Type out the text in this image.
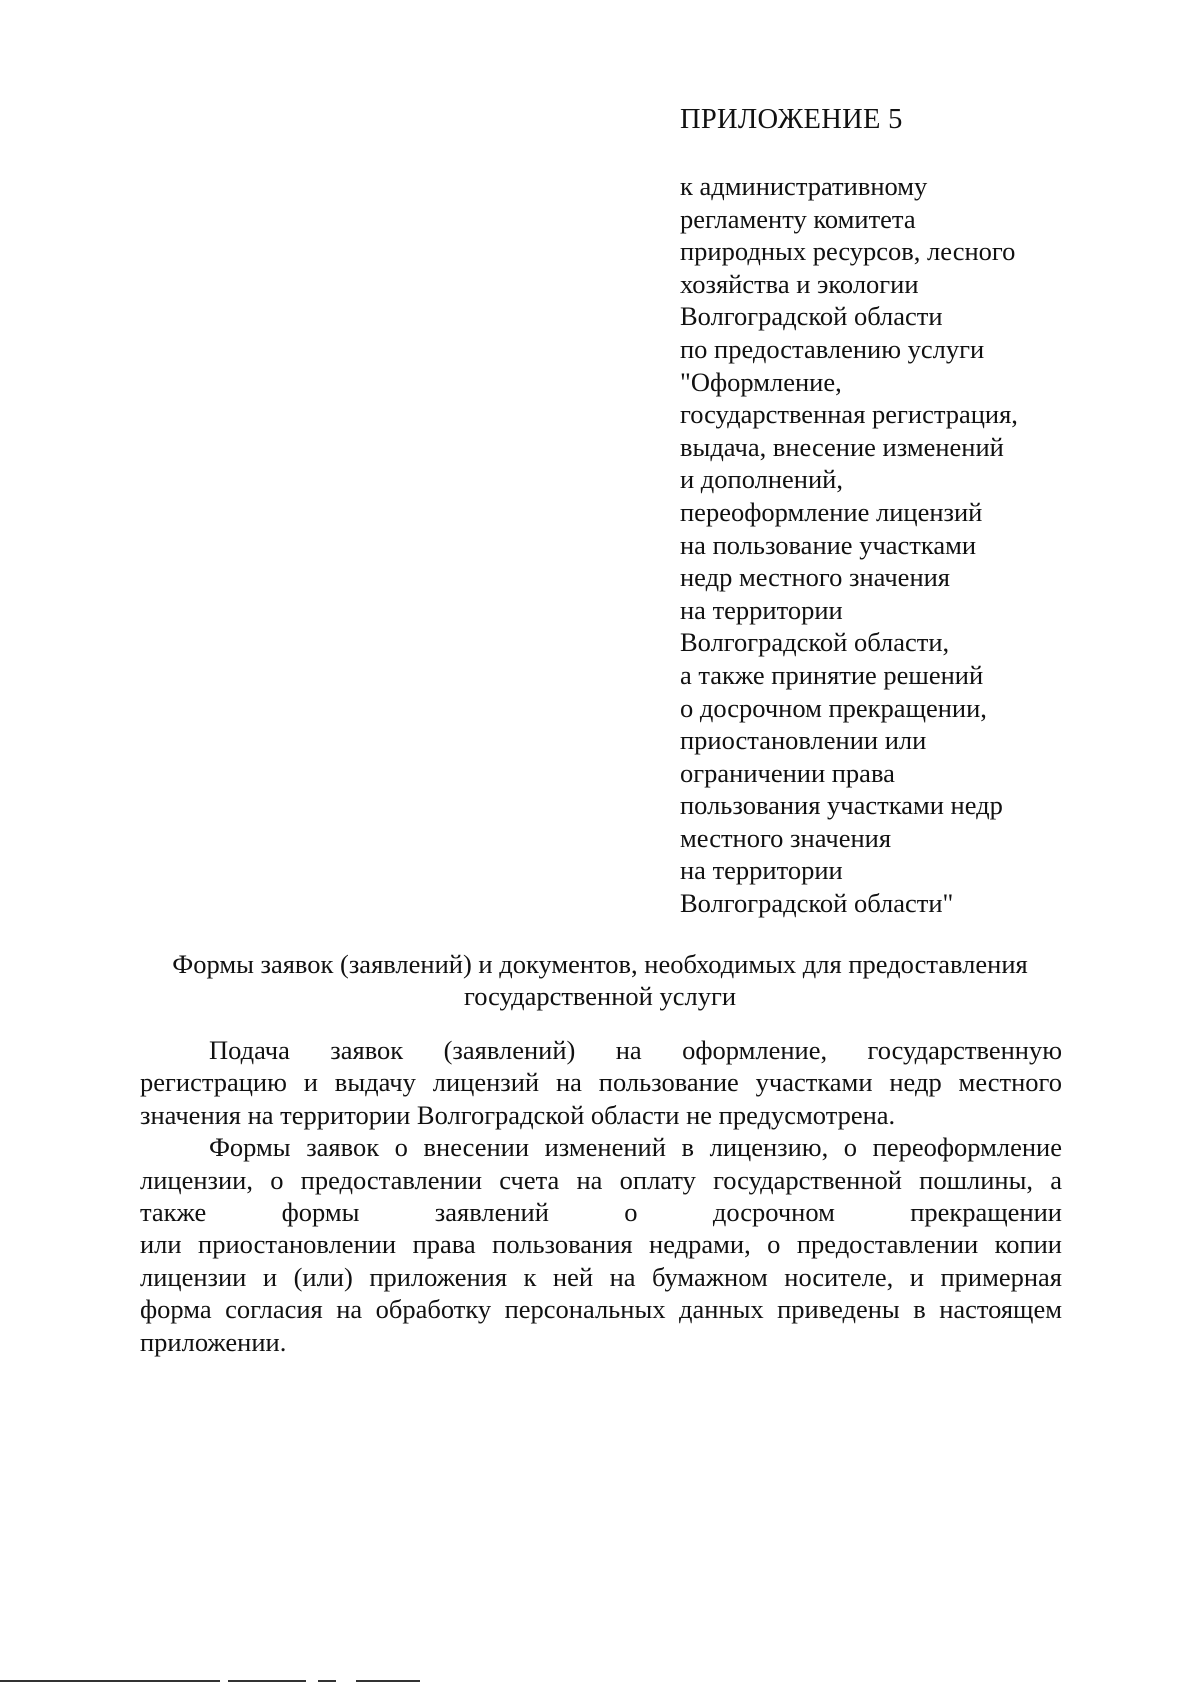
ПРИЛОЖЕНИЕ 5
к административному
регламенту комитета
природных ресурсов, лесного
хозяйства и экологии
Волгоградской области
по предоставлению услуги
"Оформление,
государственная регистрация,
выдача, внесение изменений
и дополнений,
переоформление лицензий
на пользование участками
недр местного значения
на территории
Волгоградской области,
а также принятие решений
о досрочном прекращении,
приостановлении или
ограничении права
пользования участками недр
местного значения
на территории
Волгоградской области"
Формы заявок (заявлений) и документов, необходимых для предоставления
государственной услуги
Подача заявок (заявлений) на оформление, государственную
регистрацию и выдачу лицензий на пользование участками недр местного
значения на территории Волгоградской области не предусмотрена.
Формы заявок о внесении изменений в лицензию, о переоформление
лицензии, о предоставлении счета на оплату государственной пошлины, а
также формы заявлений о досрочном прекращении
или приостановлении права пользования недрами, о предоставлении копии
лицензии и (или) приложения к ней на бумажном носителе, и примерная
форма согласия на обработку персональных данных приведены в настоящем
приложении.
